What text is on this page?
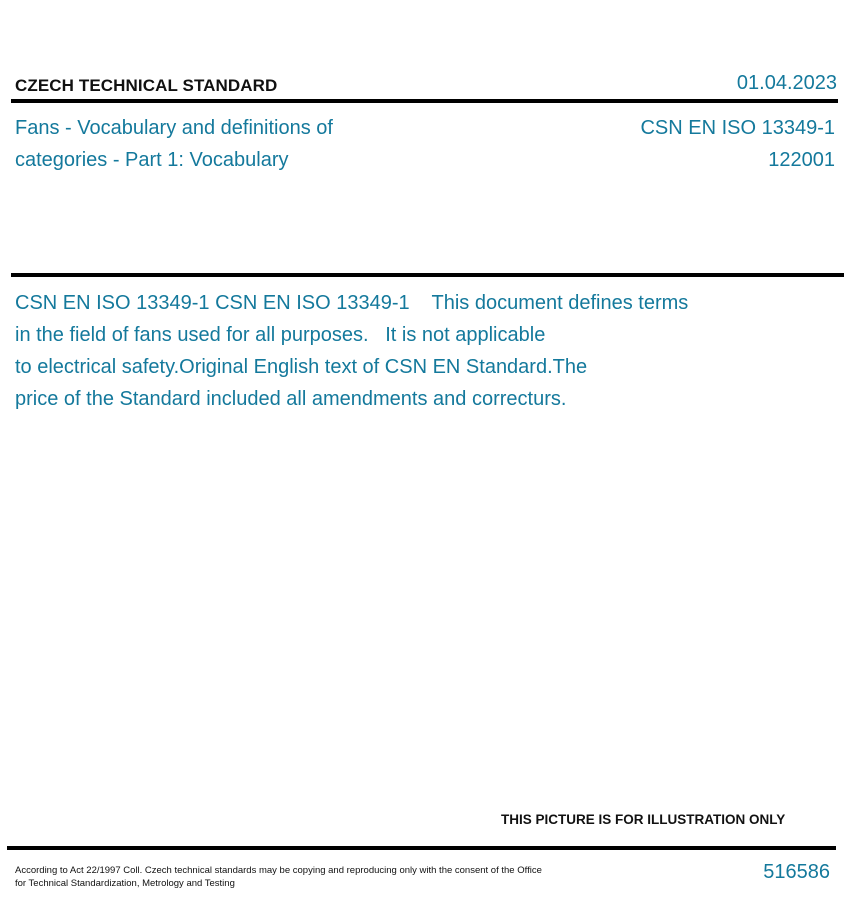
CZECH TECHNICAL STANDARD	01.04.2023
Fans - Vocabulary and definitions of
categories - Part 1: Vocabulary
CSN EN ISO 13349-1
122001
CSN EN ISO 13349-1 CSN EN ISO 13349-1    This document defines terms
in the field of fans used for all purposes.   It is not applicable
to electrical safety.Original English text of CSN EN Standard.The
price of the Standard included all amendments and correcturs.
THIS PICTURE IS FOR ILLUSTRATION ONLY
According to Act 22/1997 Coll. Czech technical standards may be copying and reproducing only with the consent of the Office
for Technical Standardization, Metrology and Testing
516586
